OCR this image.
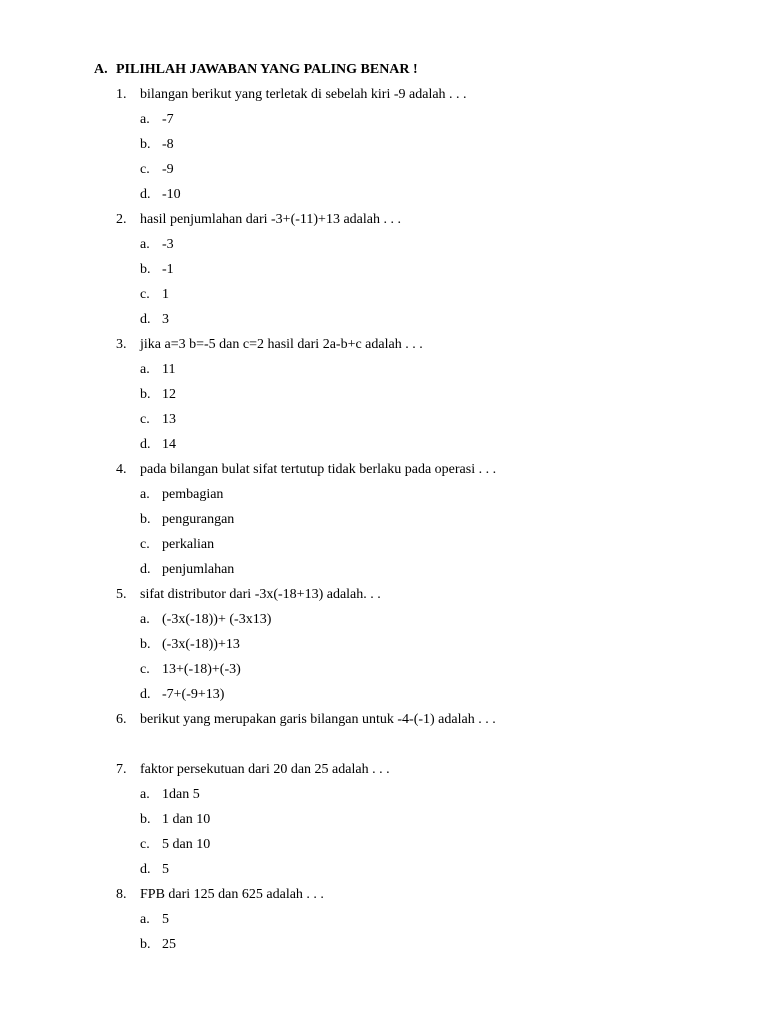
A. PILIHLAH JAWABAN YANG PALING BENAR !
1. bilangan berikut yang terletak di sebelah kiri -9 adalah . . .
a. -7
b. -8
c. -9
d. -10
2. hasil penjumlahan dari -3+(-11)+13 adalah . . .
a. -3
b. -1
c. 1
d. 3
3. jika a=3 b=-5 dan c=2 hasil dari 2a-b+c adalah . . .
a. 11
b. 12
c. 13
d. 14
4. pada bilangan bulat sifat tertutup tidak berlaku pada operasi . . .
a. pembagian
b. pengurangan
c. perkalian
d. penjumlahan
5. sifat distributor dari -3x(-18+13) adalah. . .
a. (-3x(-18))+ (-3x13)
b. (-3x(-18))+13
c. 13+(-18)+(-3)
d. -7+(-9+13)
6. berikut yang merupakan garis bilangan untuk -4-(-1) adalah . . .
7. faktor persekutuan dari 20 dan 25 adalah . . .
a. 1dan 5
b. 1 dan 10
c. 5 dan 10
d. 5
8. FPB dari 125 dan 625 adalah . . .
a. 5
b. 25
